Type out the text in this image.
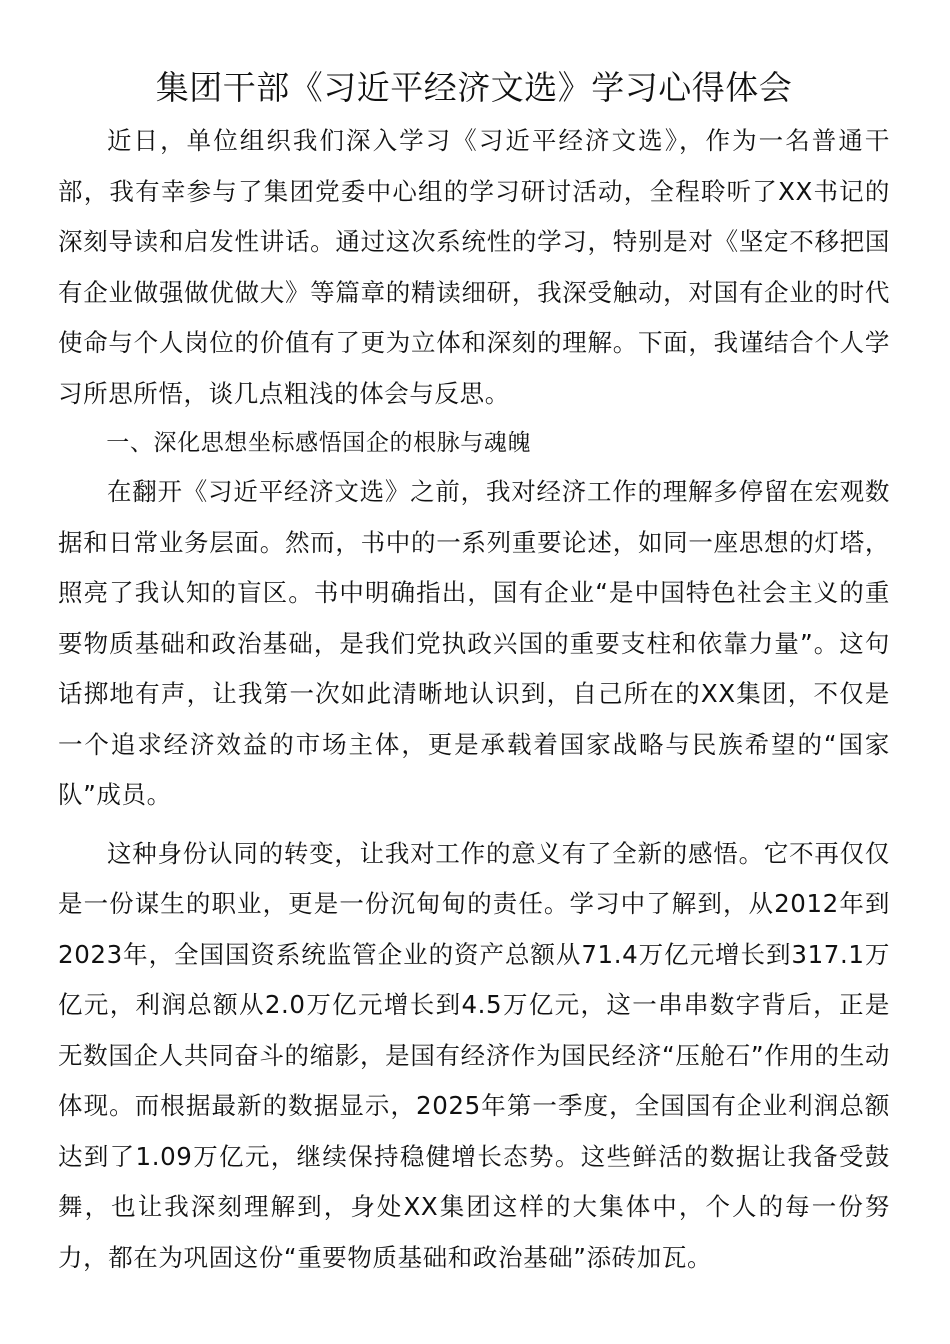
集团干部《习近平经济文选》学习心得体会

近日，单位组织我们深入学习《习近平经济文选》，作为一名普通干部，我有幸参与了集团党委中心组的学习研讨活动，全程聆听了XX书记的深刻导读和启发性讲话。通过这次系统性的学习，特别是对《坚定不移把国有企业做强做优做大》等篇章的精读细研，我深受触动，对国有企业的时代使命与个人岗位的价值有了更为立体和深刻的理解。下面，我谨结合个人学习所思所悟，谈几点粗浅的体会与反思。

一、深化思想坐标感悟国企的根脉与魂魄

在翻开《习近平经济文选》之前，我对经济工作的理解多停留在宏观数据和日常业务层面。然而，书中的一系列重要论述，如同一座思想的灯塔，照亮了我认知的盲区。书中明确指出，国有企业“是中国特色社会主义的重要物质基础和政治基础，是我们党执政兴国的重要支柱和依靠力量”。这句话掷地有声，让我第一次如此清晰地认识到，自己所在的XX集团，不仅是一个追求经济效益的市场主体，更是承载着国家战略与民族希望的“国家队”成员。

这种身份认同的转变，让我对工作的意义有了全新的感悟。它不再仅仅是一份谋生的职业，更是一份沉甸甸的责任。学习中了解到，从2012年到2023年，全国国资系统监管企业的资产总额从71.4万亿元增长到317.1万亿元，利润总额从2.0万亿元增长到4.5万亿元，这一串串数字背后，正是无数国企人共同奋斗的缩影，是国有经济作为国民经济“压舱石”作用的生动体现。而根据最新的数据显示，2025年第一季度，全国国有企业利润总额达到了1.09万亿元，继续保持稳健增长态势。这些鲜活的数据让我备受鼓舞，也让我深刻理解到，身处XX集团这样的大集体中，个人的每一份努力，都在为巩固这份“重要物质基础和政治基础”添砖加瓦。
